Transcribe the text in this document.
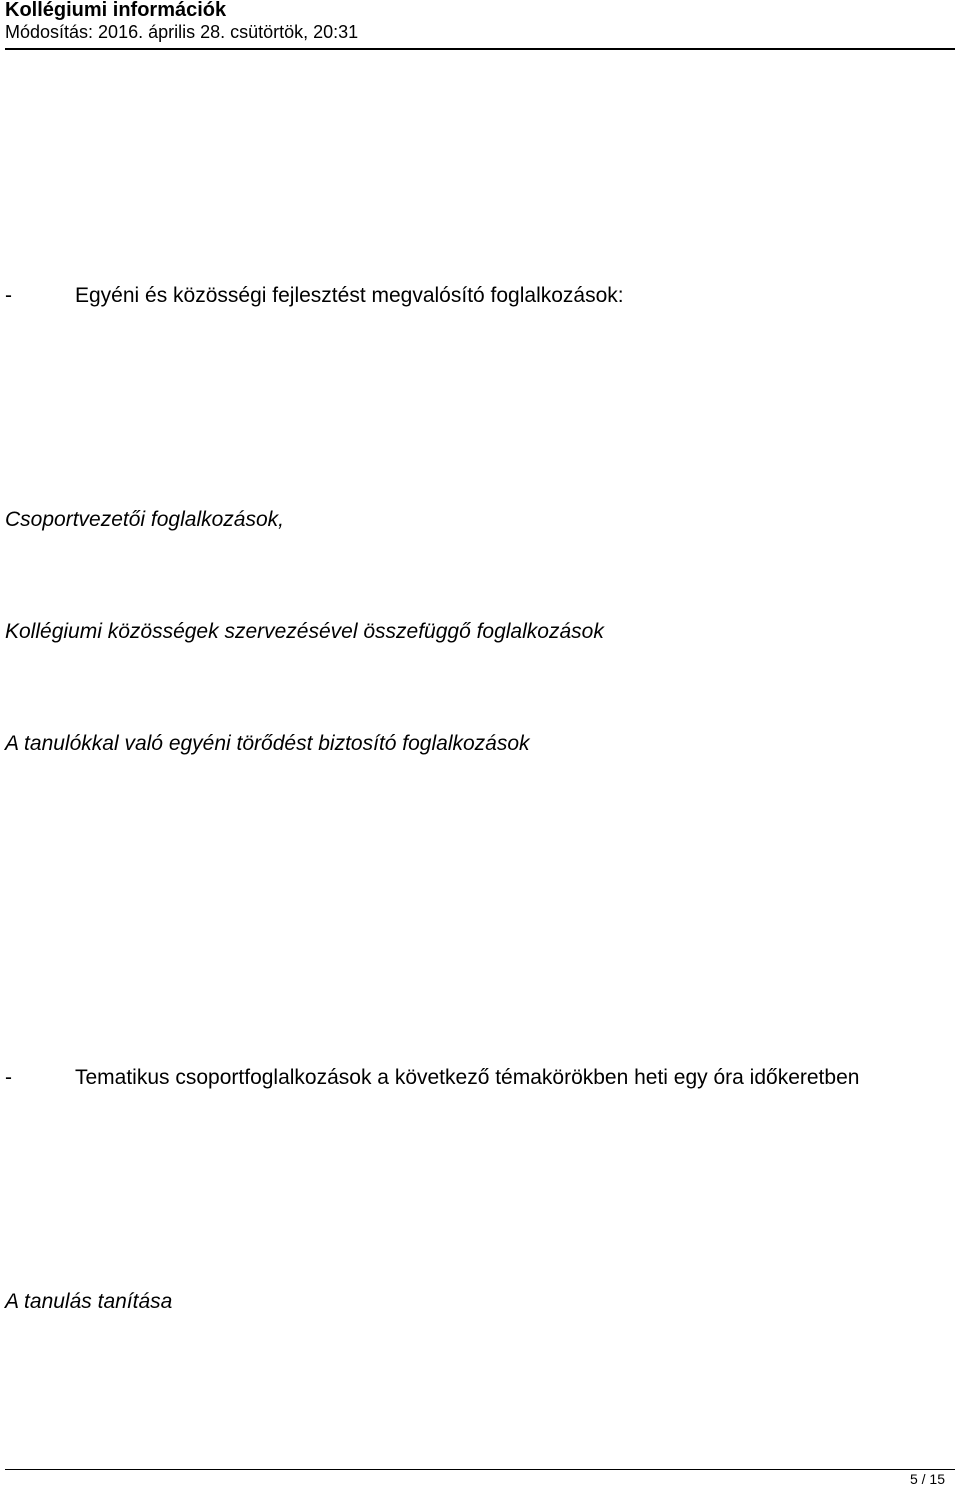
Kollégiumi információk
Módosítás: 2016. április 28. csütörtök, 20:31
-	Egyéni és közösségi fejlesztést megvalósító foglalkozások:
Csoportvezetői foglalkozások,
Kollégiumi közösségek szervezésével összefüggő foglalkozások
A tanulókkal való egyéni törődést biztosító foglalkozások
-	Tematikus csoportfoglalkozások a következő témakörökben heti egy óra időkeretben
A tanulás tanítása
5 / 15
